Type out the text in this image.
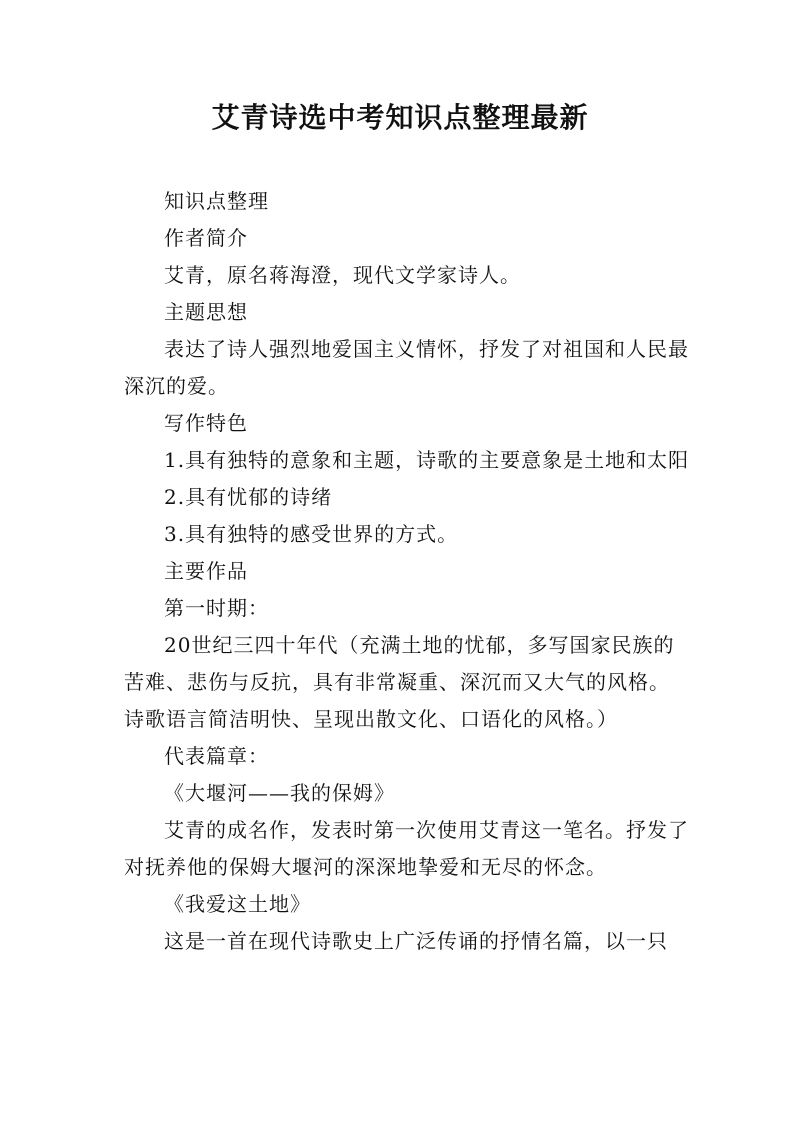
艾青诗选中考知识点整理最新

知识点整理

作者简介

艾青，原名蒋海澄，现代文学家诗人。

主题思想

表达了诗人强烈地爱国主义情怀，抒发了对祖国和人民最深沉的爱。

写作特色

1.具有独特的意象和主题，诗歌的主要意象是土地和太阳

2.具有忧郁的诗绪

3.具有独特的感受世界的方式。

主要作品

第一时期：

20世纪三四十年代（充满土地的忧郁，多写国家民族的苦难、悲伤与反抗，具有非常凝重、深沉而又大气的风格。诗歌语言简洁明快、呈现出散文化、口语化的风格。）

代表篇章：

《大堰河——我的保姆》

艾青的成名作，发表时第一次使用艾青这一笔名。抒发了对抚养他的保姆大堰河的深深地挚爱和无尽的怀念。

《我爱这土地》

这是一首在现代诗歌史上广泛传诵的抒情名篇，以一只
